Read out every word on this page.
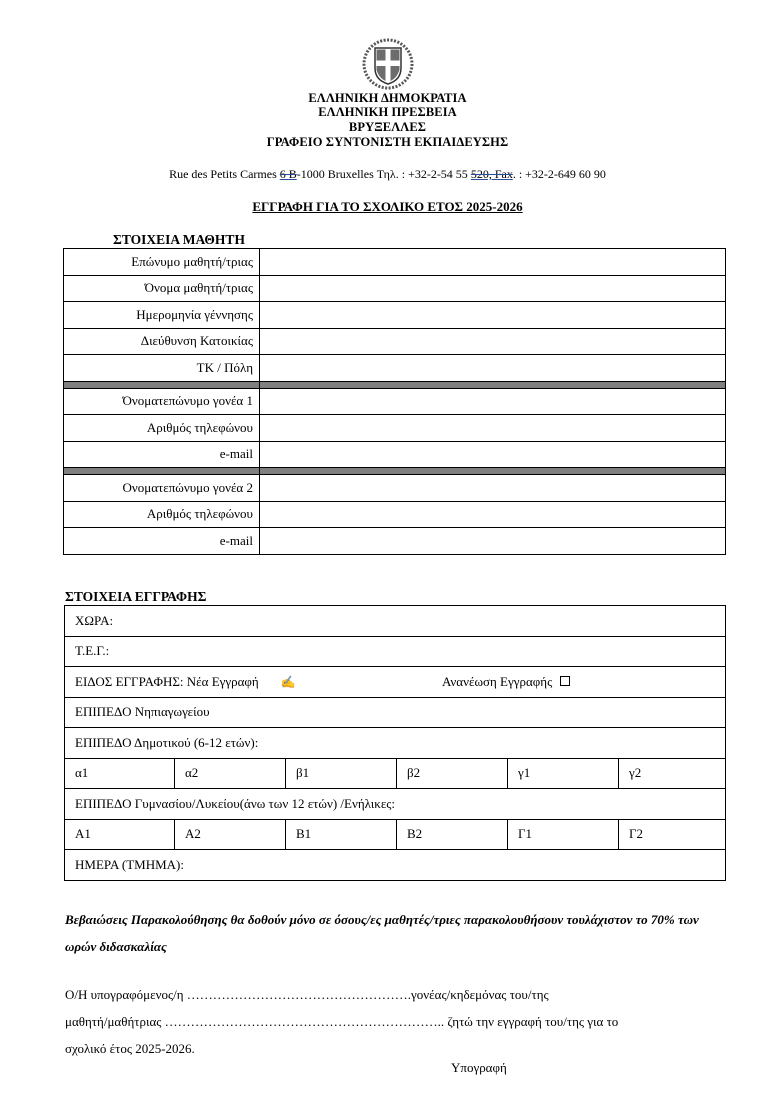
ΕΛΛΗΝΙΚΗ ΔΗΜΟΚΡΑΤΙΑ
ΕΛΛΗΝΙΚΗ ΠΡΕΣΒΕΙΑ
ΒΡΥΞΕΛΛΕΣ
ΓΡΑΦΕΙΟ ΣΥΝΤΟΝΙΣΤΗ ΕΚΠΑΙΔΕΥΣΗΣ
Rue des Petits Carmes 6 B-1000 Bruxelles Τηλ. : +32-2-54 55 520, Fax. : +32-2-649 60 90
ΕΓΓΡΑΦΗ ΓΙΑ ΤΟ ΣΧΟΛΙΚΟ ΕΤΟΣ 2025-2026
ΣΤΟΙΧΕΙΑ ΜΑΘΗΤΗ
Επώνυμο μαθητή/τριας	
Όνομα μαθητή/τριας	
Ημερομηνία γέννησης	
Διεύθυνση Κατοικίας	
ΤΚ / Πόλη	

Όνοματεπώνυμο γονέα 1	
Αριθμός τηλεφώνου	
e-mail	

Ονοματεπώνυμο γονέα 2	
Αριθμός τηλεφώνου	
e-mail	
ΣΤΟΙΧΕΙΑ ΕΓΓΡΑΦΗΣ
ΧΩΡΑ:					
Τ.Ε.Γ.:					
ΕΙΔΟΣ ΕΓΓΡΑΦΗΣ: Νέα Εγγραφή ✍ Ανανέωση Εγγραφής					

ΕΠΙΠΕΔΟ Νηπιαγωγείου					
ΕΠΙΠΕΔΟ Δημοτικού (6-12 ετών):					
α1	α2	β1	β2	γ1	γ2
ΕΠΙΠΕΔΟ Γυμνασίου/Λυκείου(άνω των 12 ετών) /Ενήλικες:					
Α1	Α2	Β1	Β2	Γ1	Γ2
ΗΜΕΡΑ (ΤΜΗΜΑ):					
Βεβαιώσεις Παρακολούθησης θα δοθούν μόνο σε όσους/ες μαθητές/τριες παρακολουθήσουν τουλάχιστον το 70% των ωρών διδασκαλίας
Ο/Η υπογραφόμενος/η …………………………………………….γονέας/κηδεμόνας του/της
μαθητή/μαθήτριας ……………………………………………………….. ζητώ την εγγραφή του/της για το
σχολικό έτος 2025-2026.
Υπογραφή
